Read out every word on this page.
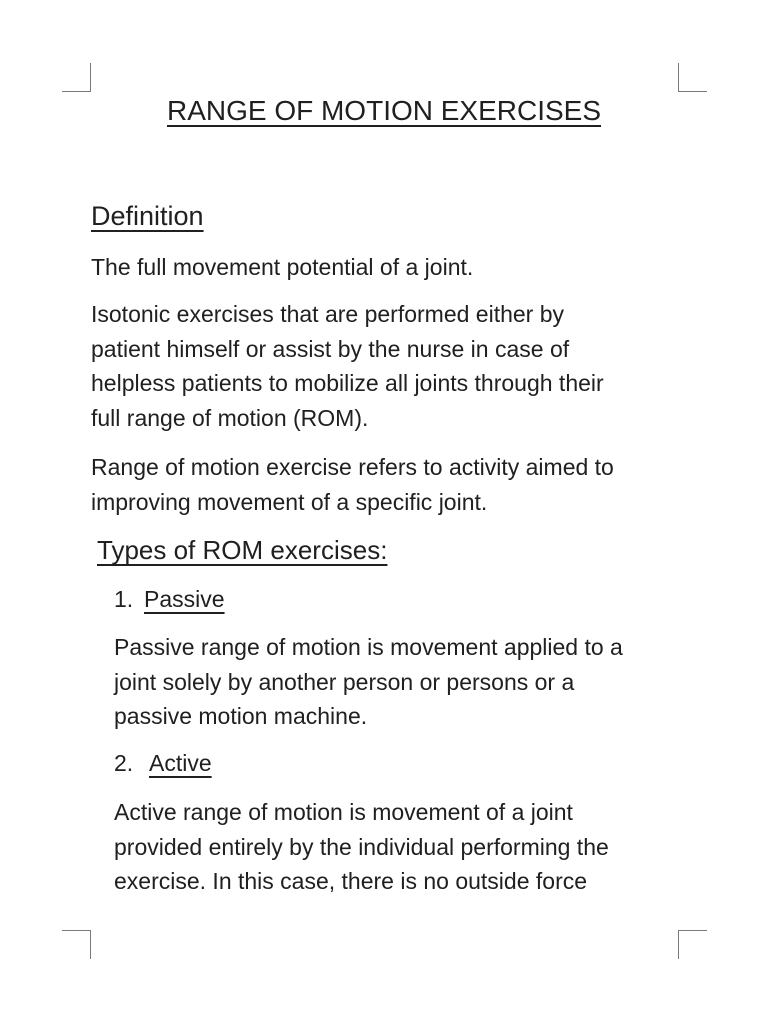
RANGE OF MOTION EXERCISES
Definition
The full movement potential of a joint.
Isotonic exercises that are performed either by
patient himself or assist by the nurse in case of
helpless patients to mobilize all joints through their
full range of motion (ROM).
Range of motion exercise refers to activity aimed to
improving movement of a specific joint.
Types of ROM exercises:
1. Passive
Passive range of motion is movement applied to a
joint solely by another person or persons or a
passive motion machine.
2. Active
Active range of motion is movement of a joint
provided entirely by the individual performing the
exercise. In this case, there is no outside force
